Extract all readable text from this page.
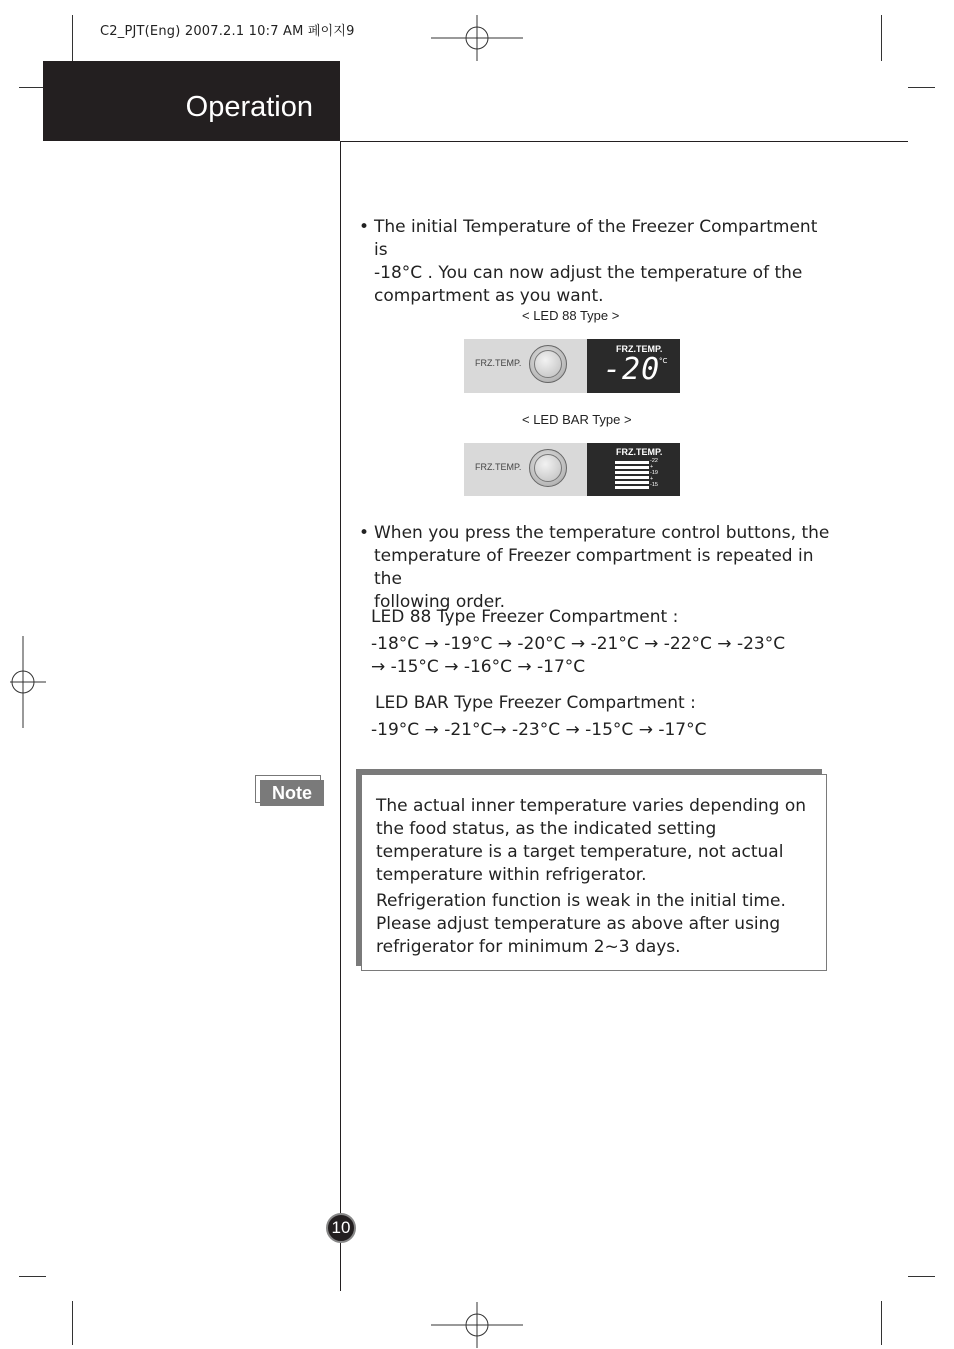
C2_PJT(Eng) 2007.2.1 10:7 AM 페이지9
Operation
• The initial Temperature of the Freezer Compartment is
-18°C . You can now adjust the temperature of the
compartment as you want.
< LED 88 Type >
FRZ.TEMP.
FRZ.TEMP.
-20
°C
< LED BAR Type >
FRZ.TEMP.
FRZ.TEMP.
-22
+
-19
+
-15
• When you press the temperature control buttons, the
temperature of Freezer compartment is repeated in the
following order.
LED 88 Type Freezer Compartment :
-18°C → -19°C → -20°C → -21°C → -22°C → -23°C
→ -15°C → -16°C → -17°C
LED BAR Type Freezer Compartment :
-19°C → -21°C→ -23°C → -15°C → -17°C
Note

The actual inner temperature varies depending on the food status, as the indicated setting temperature is a target temperature, not actual temperature within refrigerator.

Refrigeration function is weak in the initial time. Please adjust temperature as above after using refrigerator for minimum 2~3 days.

10
